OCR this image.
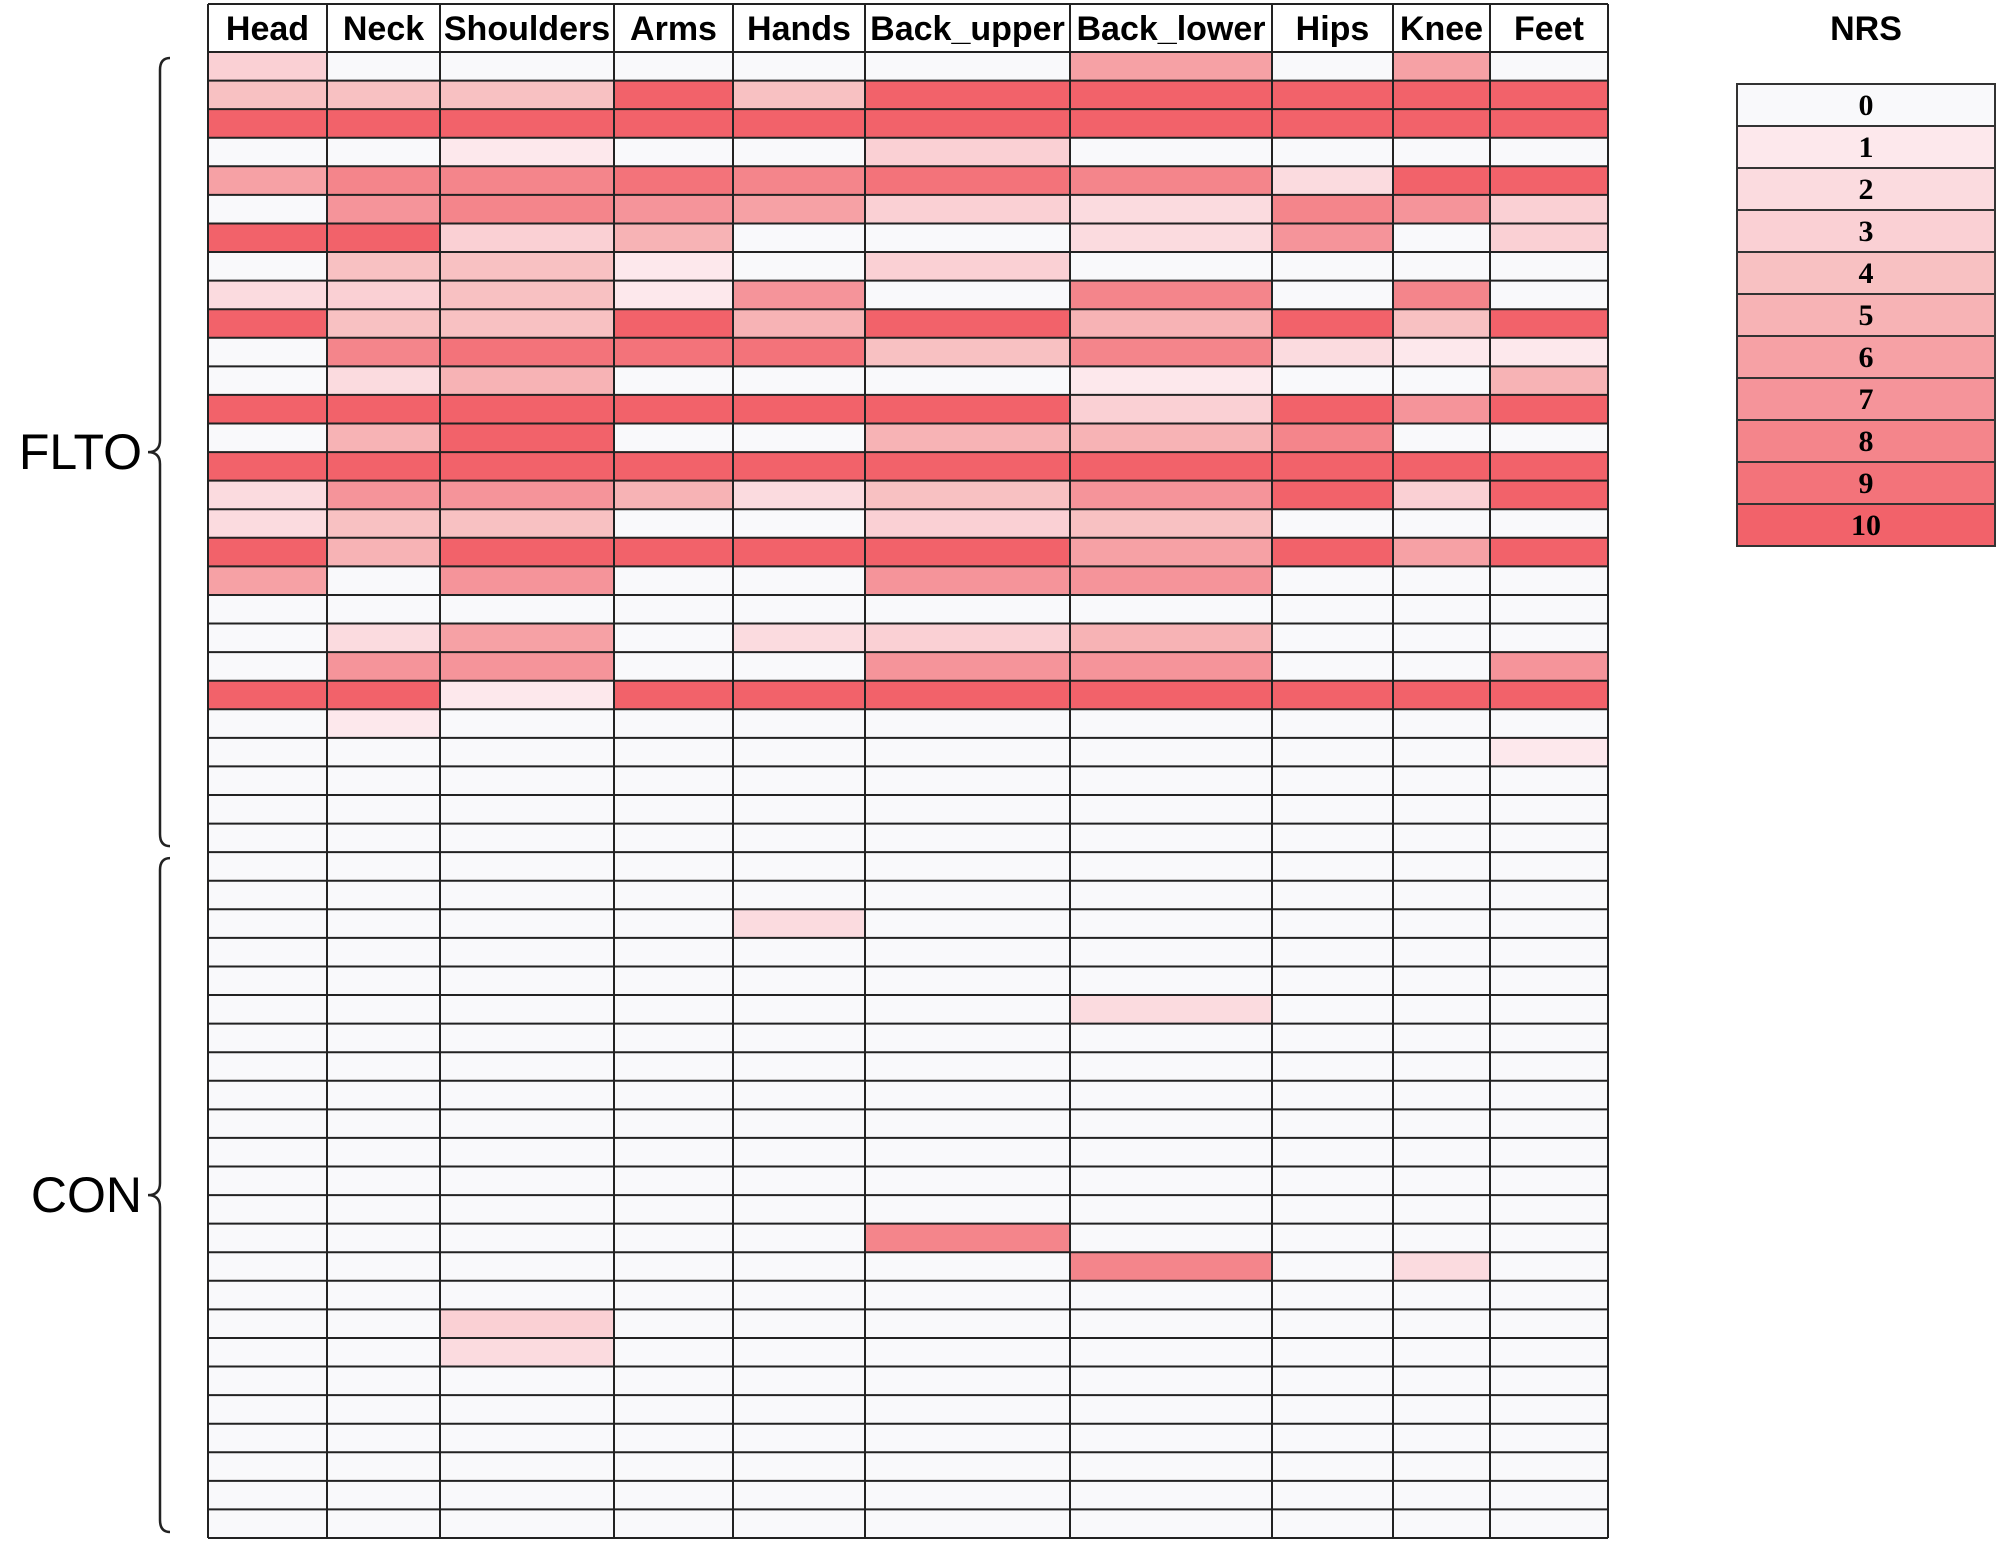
Head Neck Shoulders Arms Hands Back_upper Back_lower Hips Knee Feet
FLTO
CON
NRS
0
1
2
3
4
5
6
7
8
9
10
